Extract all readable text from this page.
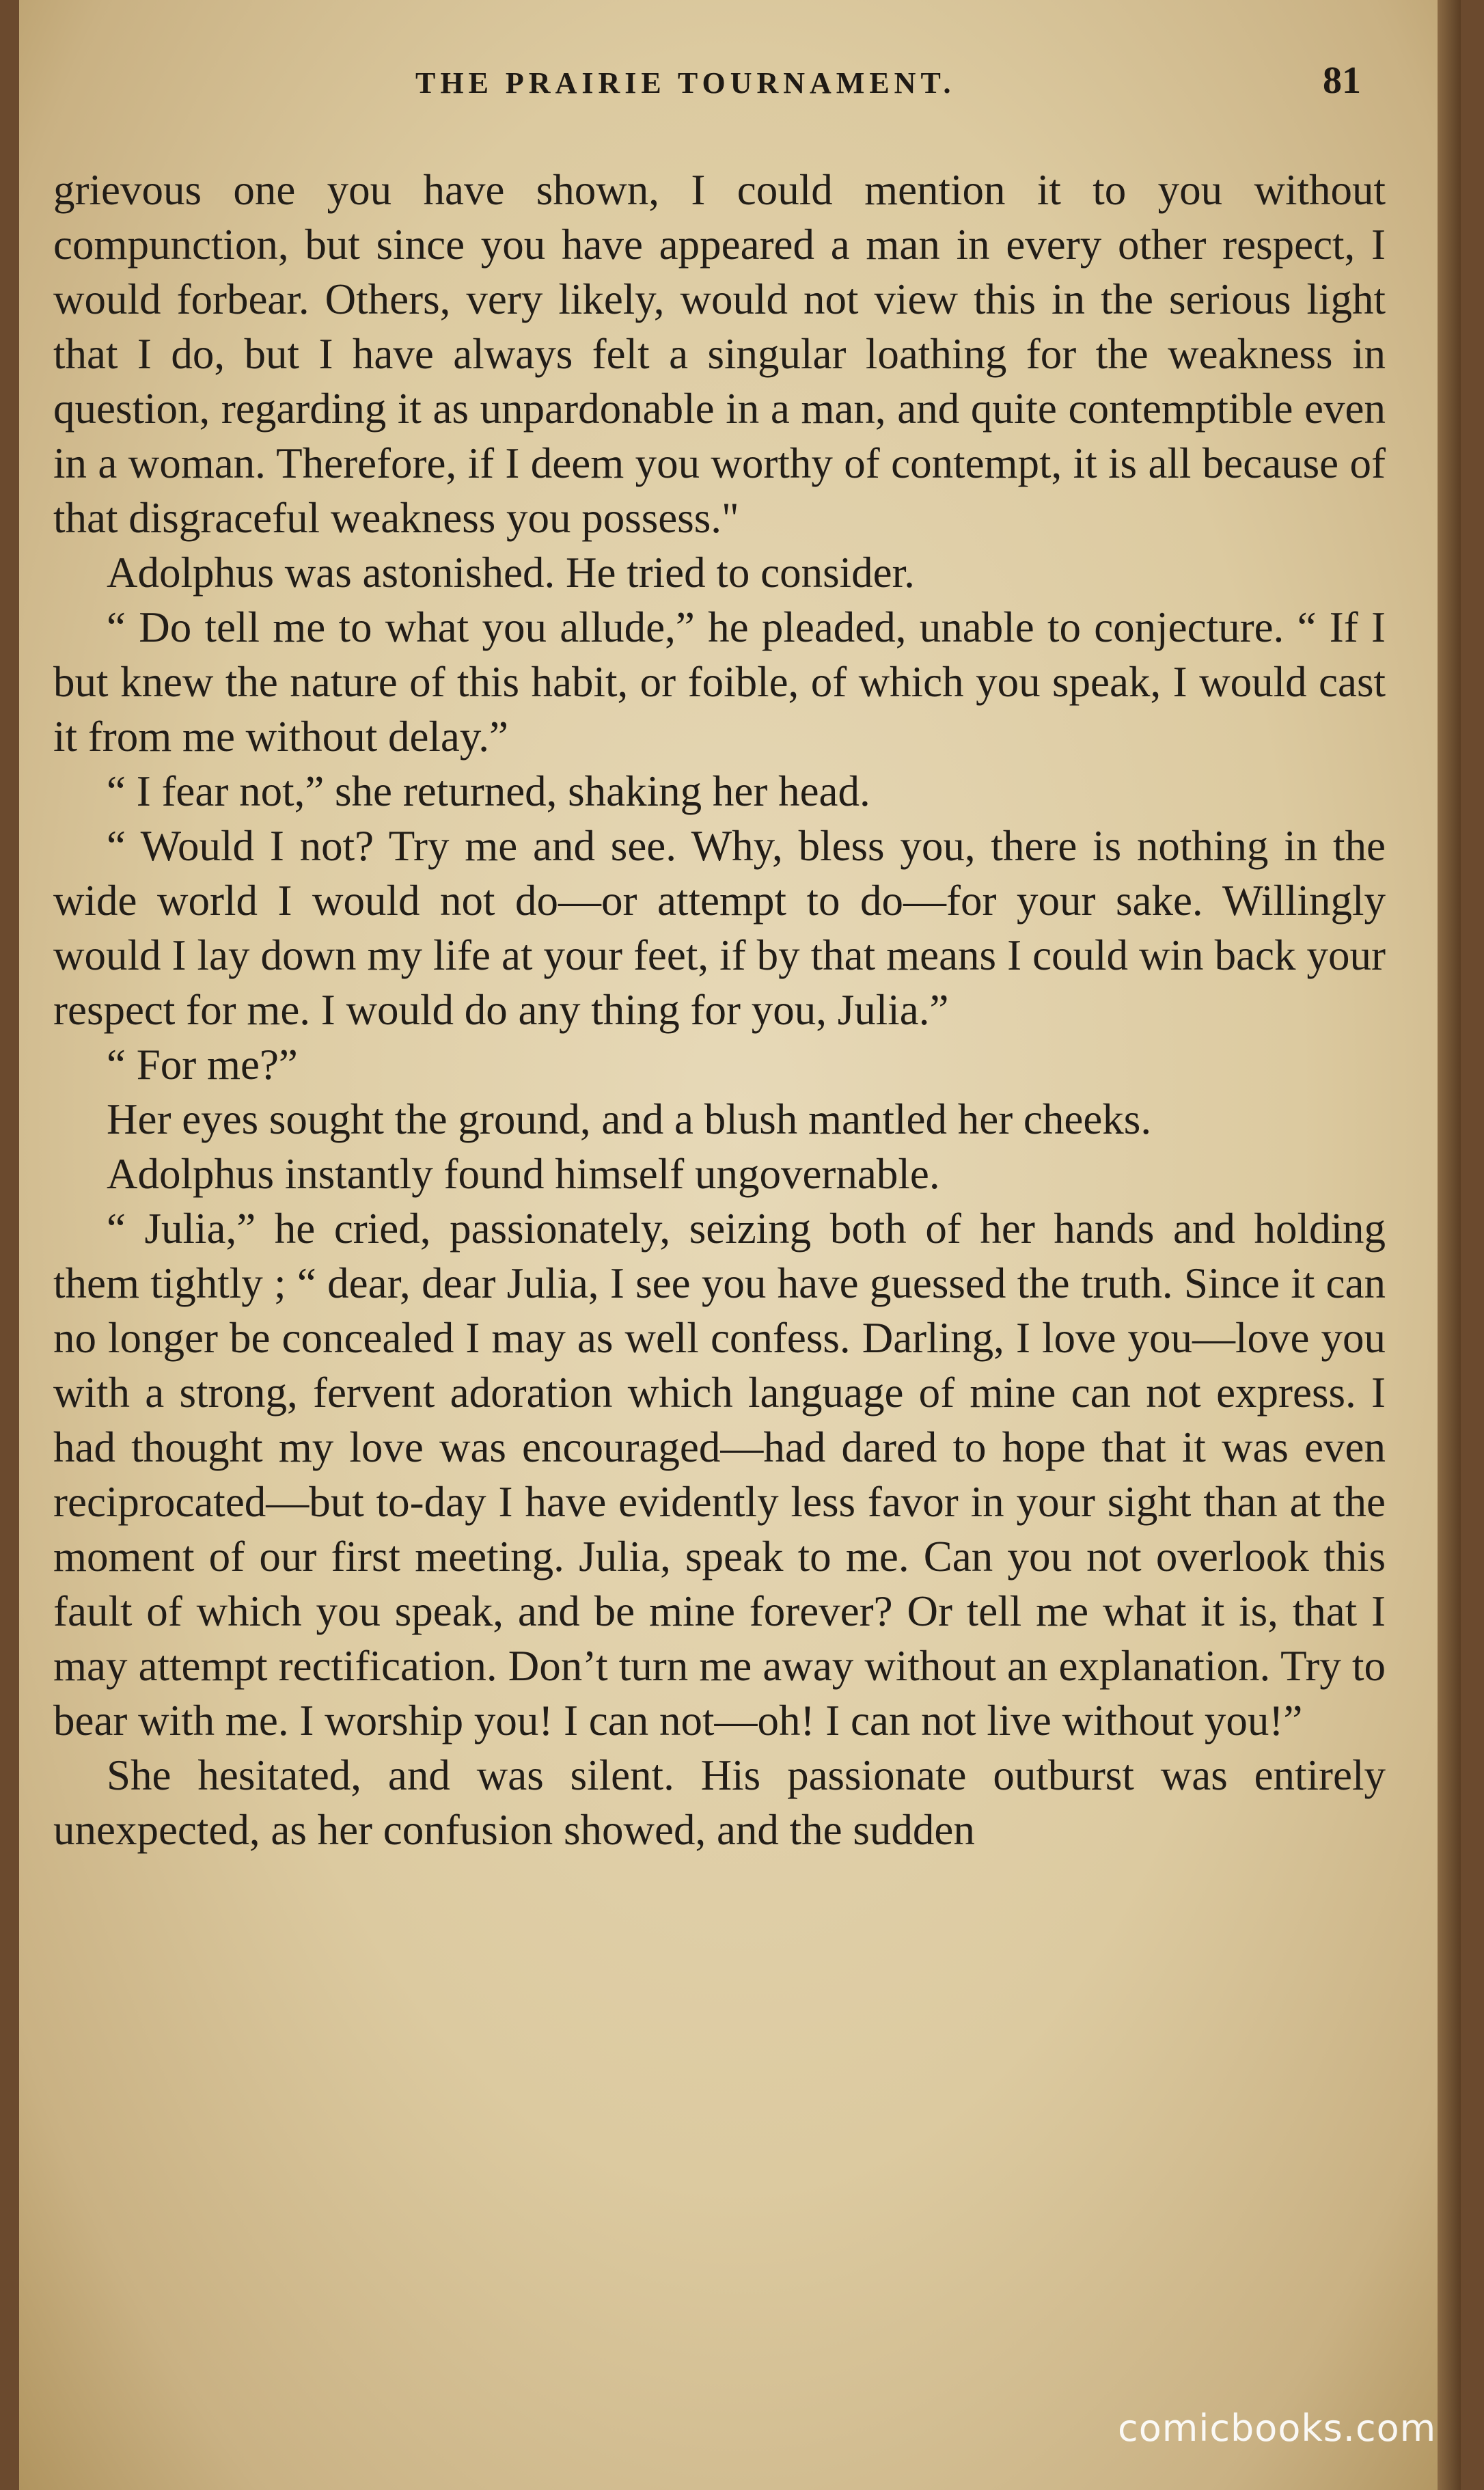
THE PRAIRIE TOURNAMENT.	81

grievous one you have shown, I could mention it to you without compunction, but since you have appeared a man in every other respect, I would forbear. Others, very likely, would not view this in the serious light that I do, but I have always felt a singular loathing for the weakness in question, regarding it as unpardonable in a man, and quite contemptible even in a woman. Therefore, if I deem you worthy of contempt, it is all because of that disgraceful weakness you possess."

Adolphus was astonished. He tried to consider.

“ Do tell me to what you allude,” he pleaded, unable to conjecture. “ If I but knew the nature of this habit, or foible, of which you speak, I would cast it from me without delay.”

“ I fear not,” she returned, shaking her head.

“ Would I not? Try me and see. Why, bless you, there is nothing in the wide world I would not do—or attempt to do—for your sake. Willingly would I lay down my life at your feet, if by that means I could win back your respect for me. I would do any thing for you, Julia.”

“ For me?”

Her eyes sought the ground, and a blush mantled her cheeks.

Adolphus instantly found himself ungovernable.

“ Julia,” he cried, passionately, seizing both of her hands and holding them tightly ; “ dear, dear Julia, I see you have guessed the truth. Since it can no longer be concealed I may as well confess. Darling, I love you—love you with a strong, fervent adoration which language of mine can not express. I had thought my love was encouraged—had dared to hope that it was even reciprocated—but to-day I have evidently less favor in your sight than at the moment of our first meeting. Julia, speak to me. Can you not overlook this fault of which you speak, and be mine forever? Or tell me what it is, that I may attempt rectification. Don’t turn me away without an explanation. Try to bear with me. I worship you! I can not—oh! I can not live without you!”

She hesitated, and was silent. His passionate outburst was entirely unexpected, as her confusion showed, and the sudden

comicbooks.com
